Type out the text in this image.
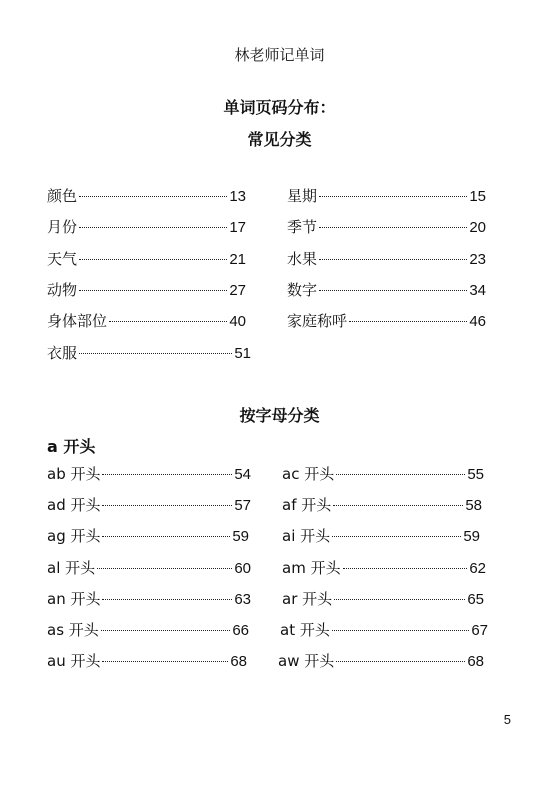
林老师记单词
单词页码分布：
常见分类
颜色	13
月份	17
天气	21
动物	27
身体部位	40
衣服	51
星期	15
季节	20
水果	23
数字	34
家庭称呼	46
按字母分类
a 开头
ab 开头	54
ad 开头	57
ag 开头	59
al 开头	60
an 开头	63
as 开头	66
au 开头	68
ac 开头	55
af 开头	58
ai 开头	59
am 开头	62
ar 开头	65
at 开头	67
aw 开头	68
5
